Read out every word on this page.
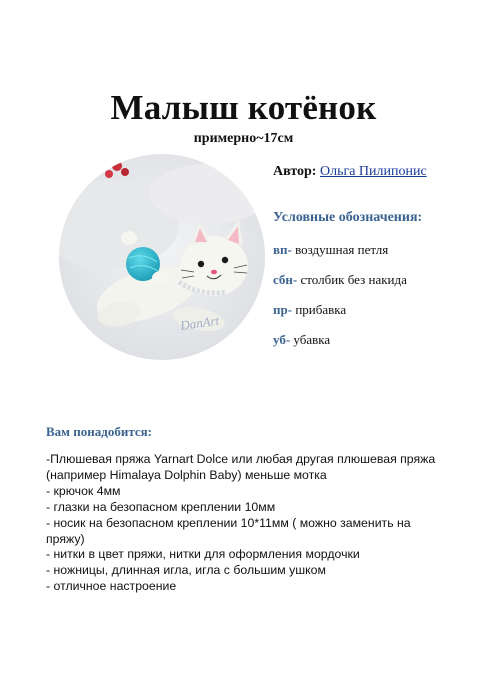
Малыш котёнок
примерно~17см
DanArt
Автор: Ольга Пилипонис
Условные обозначения:
вп- воздушная петля
сбн- столбик без накида
пр- прибавка
уб- убавка
Вам понадобится:
-Плюшевая пряжа Yarnart Dolce или любая другая плюшевая пряжа
(например Himalaya Dolphin Baby) меньше мотка
- крючок 4мм
- глазки на безопасном креплении 10мм
- носик на безопасном креплении 10*11мм ( можно заменить на
пряжу)
- нитки в цвет пряжи, нитки для оформления мордочки
- ножницы, длинная игла, игла с большим ушком
- отличное настроение
